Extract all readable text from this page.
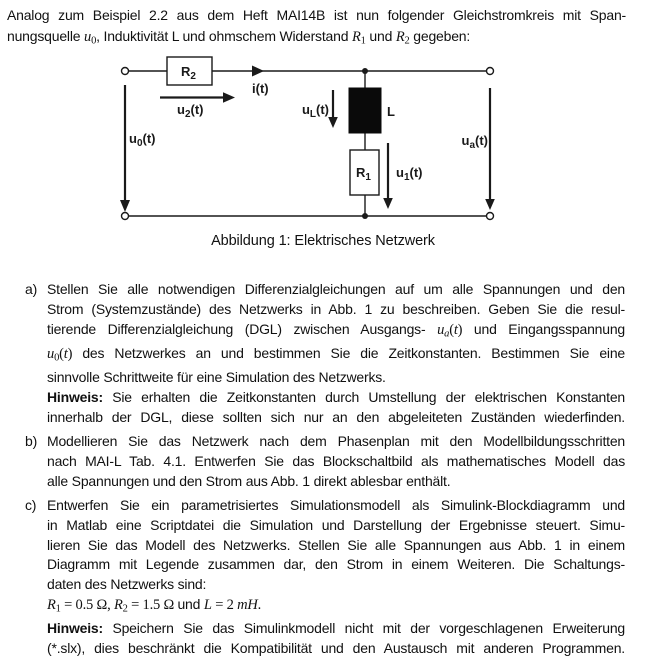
Analog zum Beispiel 2.2 aus dem Heft MAI14B ist nun folgender Gleichstromkreis mit Span-
nungsquelle u0, Induktivität L und ohmschem Widerstand R1 und R2 gegeben:
$R_2$
i(t)
$u_2(t)$
$u_0(t)$
L
$u_L(t)$
$R_1$ $u_1(t)$
$u_a(t)$
Abbildung 1: Elektrisches Netzwerk
a) Stellen Sie alle notwendigen Differenzialgleichungen auf um alle Spannungen und den
Strom (Systemzustände) des Netzwerks in Abb. 1 zu beschreiben. Geben Sie die resul-
tierende Differenzialgleichung (DGL) zwischen Ausgangs- ua(t) und Eingangsspannung
u0(t) des Netzwerkes an und bestimmen Sie die Zeitkonstanten. Bestimmen Sie eine
sinnvolle Schrittweite für eine Simulation des Netzwerks.
Hinweis: Sie erhalten die Zeitkonstanten durch Umstellung der elektrischen Konstanten
innerhalb der DGL, diese sollten sich nur an den abgeleiteten Zuständen wiederfinden.
b) Modellieren Sie das Netzwerk nach dem Phasenplan mit den Modellbildungsschritten
nach MAI-L Tab. 4.1. Entwerfen Sie das Blockschaltbild als mathematisches Modell das
alle Spannungen und den Strom aus Abb. 1 direkt ablesbar enthält.
c) Entwerfen Sie ein parametrisiertes Simulationsmodell als Simulink-Blockdiagramm und
in Matlab eine Scriptdatei die Simulation und Darstellung der Ergebnisse steuert. Simu-
lieren Sie das Modell des Netzwerks. Stellen Sie alle Spannungen aus Abb. 1 in einem
Diagramm mit Legende zusammen dar, den Strom in einem Weiteren. Die Schaltungs-
daten des Netzwerks sind:
R1 = 0.5 Ω, R2 = 1.5 Ω und L = 2 mH.
Hinweis: Speichern Sie das Simulinkmodell nicht mit der vorgeschlagenen Erweiterung
(*.slx), dies beschränkt die Kompatibilität und den Austausch mit anderen Programmen.
